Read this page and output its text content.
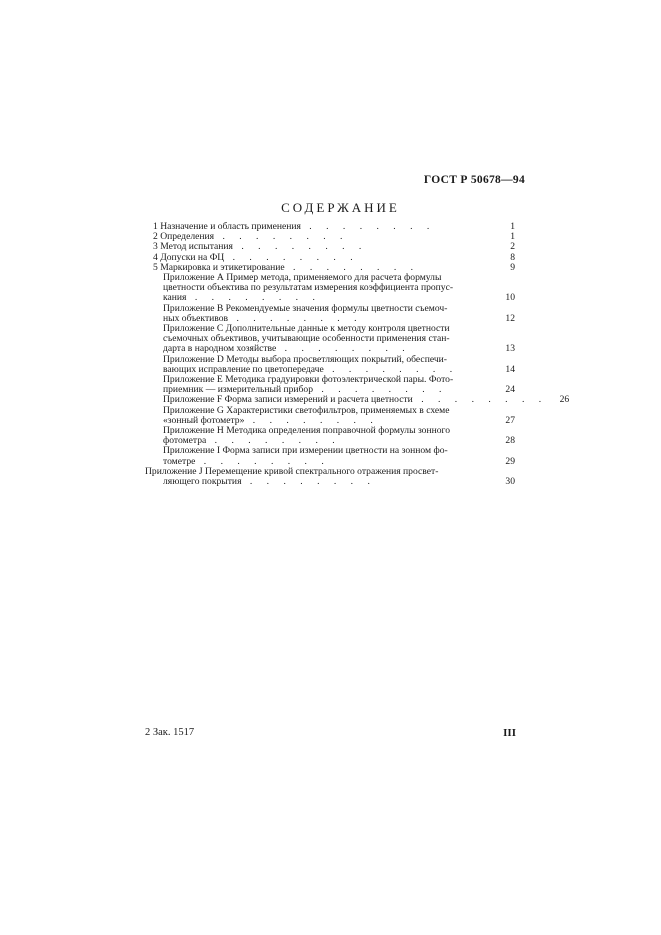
ГОСТ Р 50678—94
СОДЕРЖАНИЕ
1 Назначение и область применения . . . . . . . .	1
2 Определения . . . . . . . .	1
3 Метод испытания . . . . . . . .	2
4 Допуски на ФЦ . . . . . . . .	8
5 Маркировка и этикетирование . . . . . . . .	9
Приложение А Пример метода, применяемого для расчета формулы
цветности объектива по результатам измерения коэффициента пропус-
кания . . . . . . . .	10
Приложение В Рекомендуемые значения формулы цветности съемоч-
ных объективов . . . . . . . .	12
Приложение С Дополнительные данные к методу контроля цветности
съемочных объективов, учитывающие особенности применения стан-
дарта в народном хозяйстве . . . . . . . .	13
Приложение D Методы выбора просветляющих покрытий, обеспечи-
вающих исправление по цветопередаче . . . . . . . .	14
Приложение Е Методика градуировки фотоэлектрической пары. Фото-
приемник — измерительный прибор . . . . . . . .	24
Приложение F Форма записи измерений и расчета цветности . . . . . . . .	26
Приложение G Характеристики светофильтров, применяемых в схеме
«зонный фотометр» . . . . . . . .	27
Приложение Н Методика определения поправочной формулы зонного
фотометра . . . . . . . .	28
Приложение I Форма записи при измерении цветности на зонном фо-
тометре . . . . . . . .	29
Приложение J Перемещение кривой спектрального отражения просвет-
ляющего покрытия . . . . . . . .	30
2 Зак. 1517	III
